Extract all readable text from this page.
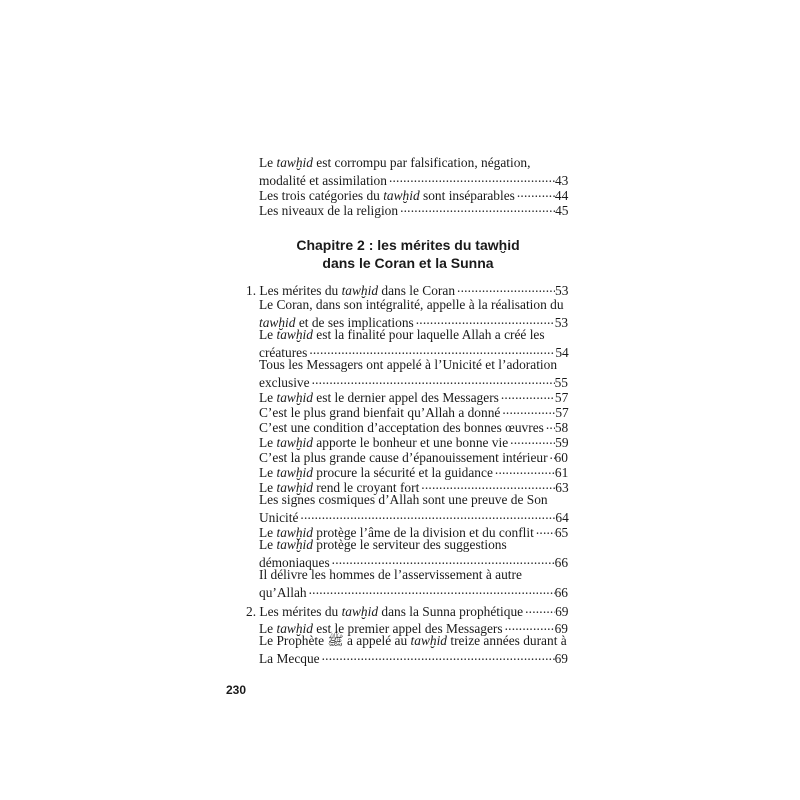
Le tawḫid est corrompu par falsification, négation,
modalité et assimilation .....	43
Les trois catégories du tawḫid sont inséparables .....	44
Les niveaux de la religion .....	45
1. Les mérites du tawḫid dans le Coran .....	53
Le Coran, dans son intégralité, appelle à la réalisation du
tawḫid et de ses implications .....	53
Le tawḫid est la finalité pour laquelle Allah a créé les
créatures .....	54
Tous les Messagers ont appelé à l’Unicité et l’adoration
exclusive .....	55
Le tawḫid est le dernier appel des Messagers .....	57
C’est le plus grand bienfait qu’Allah a donné .....	57
C’est une condition d’acceptation des bonnes œuvres ..... 58
Le tawḫid apporte le bonheur et une bonne vie .....	59
C’est la plus grande cause d’épanouissement intérieur ..... 60
Le tawḫid procure la sécurité et la guidance .....	61
Le tawḫid rend le croyant fort .....	63
Les signes cosmiques d’Allah sont une preuve de Son
Unicité .....	64
Le tawḫid protège l’âme de la division et du conflit ..... 65
Le tawḫid protège le serviteur des suggestions
démoniaques .....	66
Il délivre les hommes de l’asservissement à autre
qu’Allah .....	66
2. Les mérites du tawḫid dans la Sunna prophétique ..... 69
Le tawḫid est le premier appel des Messagers .....	69
Le Prophète ﷺ a appelé au tawḫid treize années durant à
La Mecque .....	69
Chapitre 2 : les mérites du tawḫid
dans le Coran et la Sunna
230
